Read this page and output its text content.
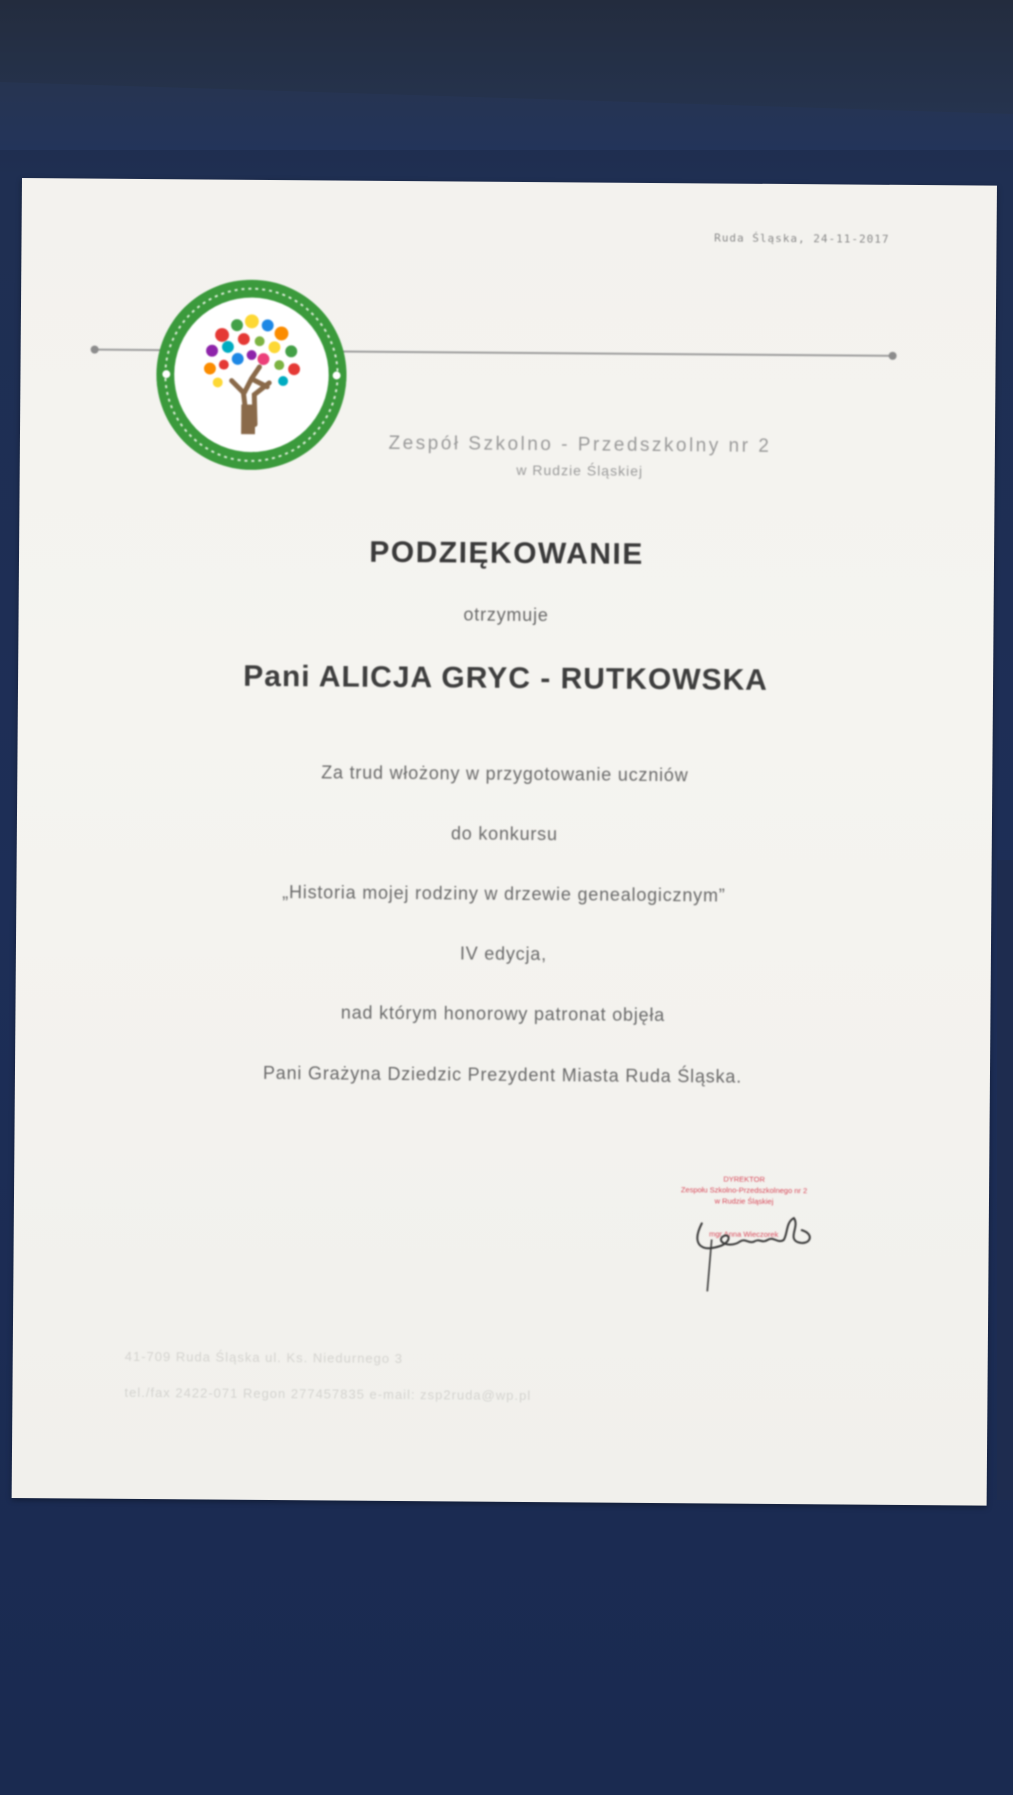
Ruda Śląska, 24-11-2017
Zespół Szkolno - Przedszkolny nr 2
w Rudzie Śląskiej
PODZIĘKOWANIE
otrzymuje
Pani ALICJA GRYC - RUTKOWSKA
Za trud włożony w przygotowanie uczniów
do konkursu
„Historia mojej rodziny w drzewie genealogicznym”
IV edycja,
nad którym honorowy patronat objęła
Pani Grażyna Dziedzic Prezydent Miasta Ruda Śląska.
DYREKTOR
Zespołu Szkolno-Przedszkolnego nr 2
w Rudzie Śląskiej
mgr Anna Wieczorek
41-709 Ruda Śląska ul. Ks. Niedurnego 3
tel./fax 2422-071 Regon 277457835 e-mail: zsp2ruda@wp.pl
